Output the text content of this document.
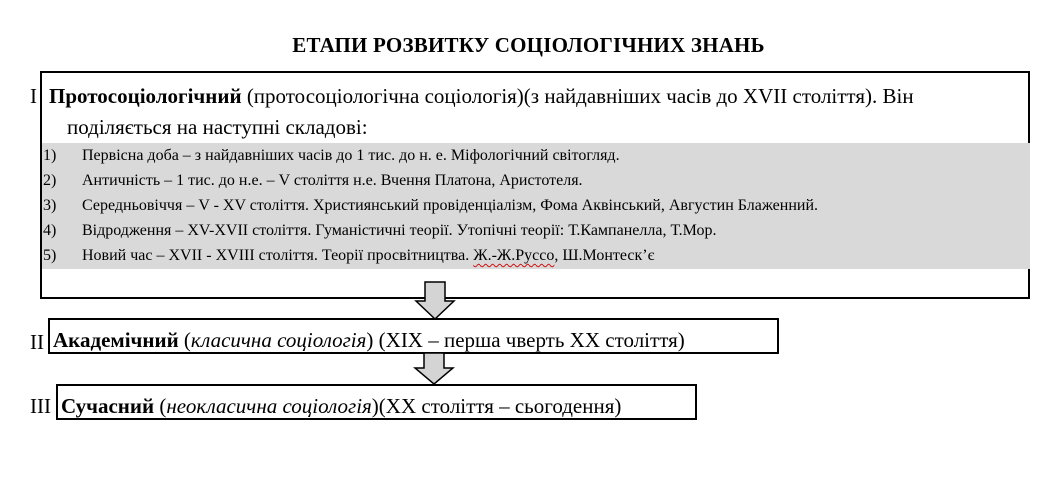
ЕТАПИ РОЗВИТКУ СОЦІОЛОГІЧНИХ ЗНАНЬ
І Протосоціологічний (протосоціологічна соціологія)(з найдавніших часів до XVII століття). Він
поділяється на наступні складові:
1) Первісна доба – з найдавніших часів до 1 тис. до н. е. Міфологічний світогляд.
2) Античність – 1 тис. до н.е. – V століття н.е. Вчення Платона, Аристотеля.
3) Середньовіччя – V - XV століття. Християнський провіденціалізм, Фома Аквінський, Августин Блаженний.
4) Відродження – XV-XVII століття. Гуманістичні теорії. Утопічні теорії: Т.Кампанелла, Т.Мор.
5) Новий час – XVII - XVIII століття. Теорії просвітництва. Ж.-Ж.Руссо, Ш.Монтеск’є
ІІ Академічний (класична соціологія) (XIX – перша чверть XX століття)
ІІІ Сучасний (неокласична соціологія)(XX століття – сьогодення)
